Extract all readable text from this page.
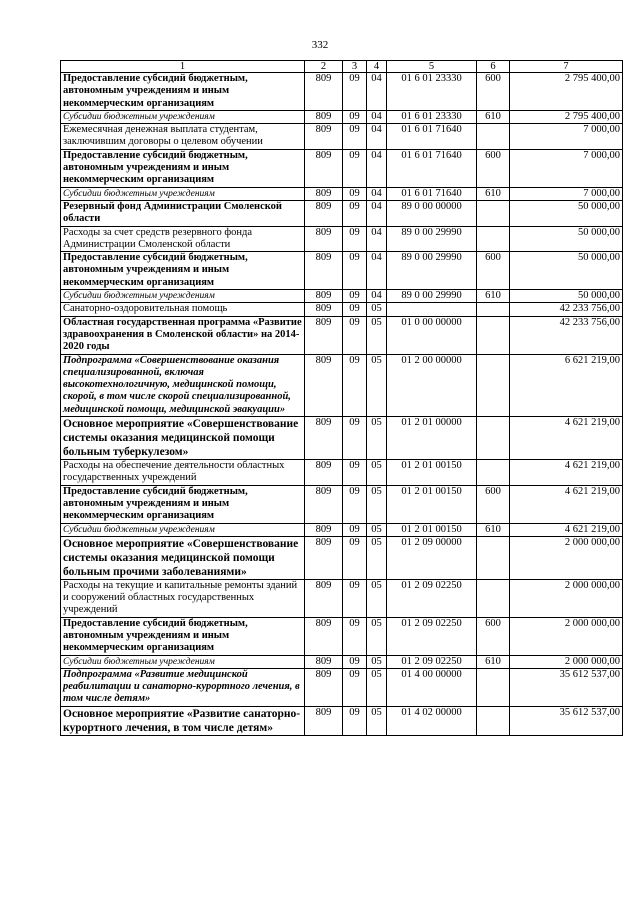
332
1	2	3	4	5	6	7
Предоставление субсидий бюджетным, автономным учреждениям и иным некоммерческим организациям	809	09	04	01 6 01 23330	600	2 795 400,00
Субсидии бюджетным учреждениям	809	09	04	01 6 01 23330	610	2 795 400,00
Ежемесячная денежная выплата студентам, заключившим договоры о целевом обучении	809	09	04	01 6 01 71640		7 000,00
Предоставление субсидий бюджетным, автономным учреждениям и иным некоммерческим организациям	809	09	04	01 6 01 71640	600	7 000,00
Субсидии бюджетным учреждениям	809	09	04	01 6 01 71640	610	7 000,00
Резервный фонд Администрации Смоленской области	809	09	04	89 0 00 00000		50 000,00
Расходы за счет средств резервного фонда Администрации Смоленской области	809	09	04	89 0 00 29990		50 000,00
Предоставление субсидий бюджетным, автономным учреждениям и иным некоммерческим организациям	809	09	04	89 0 00 29990	600	50 000,00
Субсидии бюджетным учреждениям	809	09	04	89 0 00 29990	610	50 000,00
Санаторно-оздоровительная помощь	809	09	05			42 233 756,00
Областная государственная программа «Развитие здравоохранения в Смоленской области» на 2014-2020 годы	809	09	05	01 0 00 00000		42 233 756,00
Подпрограмма «Совершенствование оказания специализированной, включая высокотехнологичную, медицинской помощи, скорой, в том числе скорой специализированной, медицинской помощи, медицинской эвакуации»	809	09	05	01 2 00 00000		6 621 219,00
Основное мероприятие «Совершенствование системы оказания медицинской помощи больным туберкулезом»	809	09	05	01 2 01 00000		4 621 219,00
Расходы на обеспечение деятельности областных государственных учреждений	809	09	05	01 2 01 00150		4 621 219,00
Предоставление субсидий бюджетным, автономным учреждениям и иным некоммерческим организациям	809	09	05	01 2 01 00150	600	4 621 219,00
Субсидии бюджетным учреждениям	809	09	05	01 2 01 00150	610	4 621 219,00
Основное мероприятие «Совершенствование системы оказания медицинской помощи больным прочими заболеваниями»	809	09	05	01 2 09 00000		2 000 000,00
Расходы на текущие и капитальные ремонты зданий и сооружений областных государственных учреждений	809	09	05	01 2 09 02250		2 000 000,00
Предоставление субсидий бюджетным, автономным учреждениям и иным некоммерческим организациям	809	09	05	01 2 09 02250	600	2 000 000,00
Субсидии бюджетным учреждениям	809	09	05	01 2 09 02250	610	2 000 000,00
Подпрограмма «Развитие медицинской реабилитации и санаторно-курортного лечения, в том числе детям»	809	09	05	01 4 00 00000		35 612 537,00
Основное мероприятие «Развитие санаторно-курортного лечения, в том числе детям»	809	09	05	01 4 02 00000		35 612 537,00
